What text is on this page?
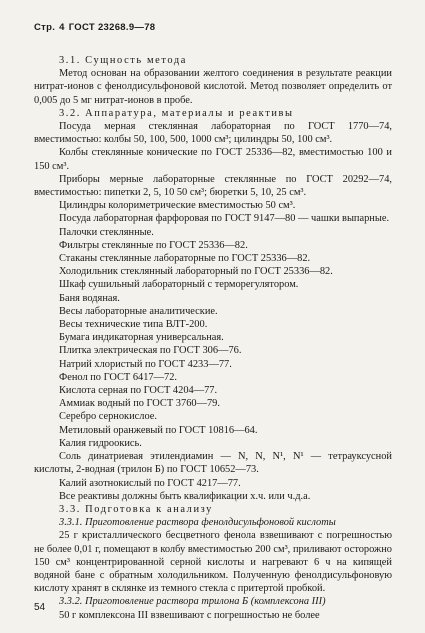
Стр. 4 ГОСТ 23268.9—78
3.1. Сущность метода
Метод основан на образовании желтого соединения в результате реакции нитрат-ионов с фенолдисульфоновой кислотой. Метод позволяет определить от 0,005 до 5 мг нитрат-ионов в пробе.
3.2. Аппаратура, материалы и реактивы
Посуда мерная стеклянная лабораторная по ГОСТ 1770—74, вместимостью: колбы 50, 100, 500, 1000 см³; цилиндры 50, 100 см³.
Колбы стеклянные конические по ГОСТ 25336—82, вместимостью 100 и 150 см³.
Приборы мерные лабораторные стеклянные по ГОСТ 20292—74, вместимостью: пипетки 2, 5, 10 50 см³; бюретки 5, 10, 25 см³.
Цилиндры колориметрические вместимостью 50 см³.
Посуда лабораторная фарфоровая по ГОСТ 9147—80 — чашки выпарные.
Палочки стеклянные.
Фильтры стеклянные по ГОСТ 25336—82.
Стаканы стеклянные лабораторные по ГОСТ 25336—82.
Холодильник стеклянный лабораторный по ГОСТ 25336—82.
Шкаф сушильный лабораторный с терморегулятором.
Баня водяная.
Весы лабораторные аналитические.
Весы технические типа ВЛТ-200.
Бумага индикаторная универсальная.
Плитка электрическая по ГОСТ 306—76.
Натрий хлористый по ГОСТ 4233—77.
Фенол по ГОСТ 6417—72.
Кислота серная по ГОСТ 4204—77.
Аммиак водный по ГОСТ 3760—79.
Серебро сернокислое.
Метиловый оранжевый по ГОСТ 10816—64.
Калия гидроокись.
Соль динатриевая этилендиамин — N, N, N¹, N¹ — тетрауксусной кислоты, 2-водная (трилон Б) по ГОСТ 10652—73.
Калий азотнокислый по ГОСТ 4217—77.
Все реактивы должны быть квалификации х.ч. или ч.д.а.
3.3. Подготовка к анализу
3.3.1. Приготовление раствора фенолдисульфоновой кислоты
25 г кристаллического бесцветного фенола взвешивают с погрешностью не более 0,01 г, помещают в колбу вместимостью 200 см³, приливают осторожно 150 см³ концентрированной серной кислоты и нагревают 6 ч на кипящей водяной бане с обратным холодильником. Полученную фенолдисульфоновую кислоту хранят в склянке из темного стекла с притертой пробкой.
3.3.2. Приготовление раствора трилона Б (комплексона III)
50 г комплексона III взвешивают с погрешностью не более
54
